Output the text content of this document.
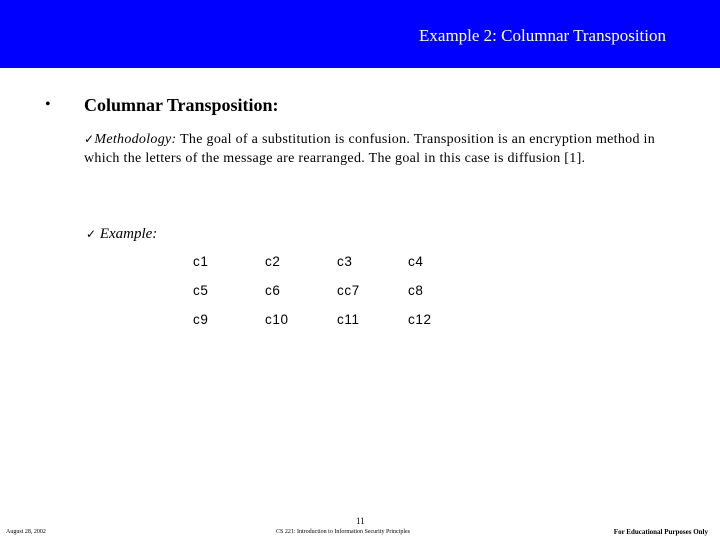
Example 2: Columnar Transposition
• Columnar Transposition:
✓Methodology: The goal of a substitution is confusion. Transposition is an encryption method in which the letters of the message are rearranged. The goal in this case is diffusion [1].
✓ Example:
c1	c2	c3	c4
c5	c6	cc7	c8
c9	c10	c11	c12
11
August 28, 2002	CS 221: Introduction to Information Security Principles	For Educational Purposes Only
